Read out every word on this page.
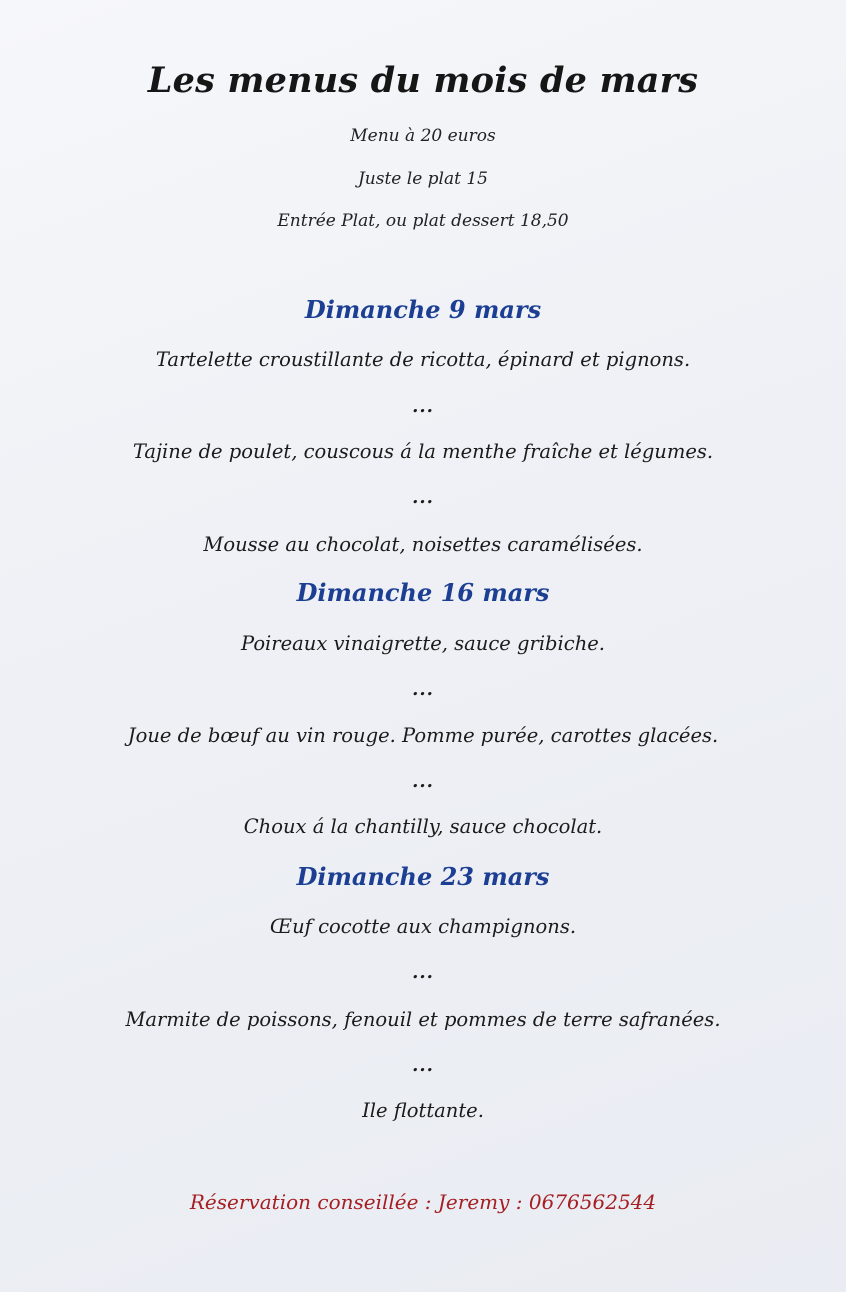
Les menus du mois de mars
Menu à 20 euros
Juste le plat 15
Entrée Plat, ou plat dessert 18,50
Dimanche 9 mars
Tartelette croustillante de ricotta, épinard et pignons.
...
Tajine de poulet, couscous á la menthe fraîche et légumes.
...
Mousse au chocolat, noisettes caramélisées.
Dimanche 16 mars
Poireaux vinaigrette, sauce gribiche.
...
Joue de bœuf au vin rouge. Pomme purée, carottes glacées.
...
Choux á la chantilly, sauce chocolat.
Dimanche 23 mars
Œuf cocotte aux champignons.
...
Marmite de poissons, fenouil et pommes de terre safranées.
...
Ile flottante.
Réservation conseillée : Jeremy : 0676562544
